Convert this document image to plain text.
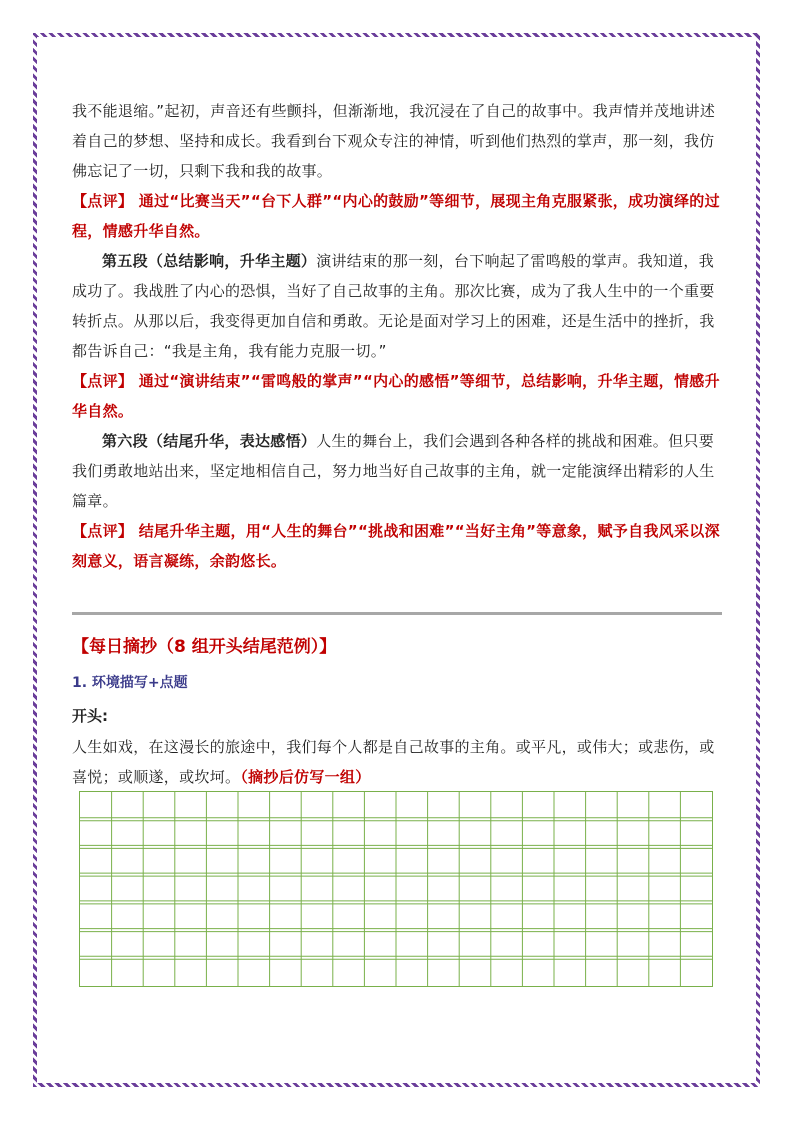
我不能退缩。”起初，声音还有些颤抖，但渐渐地，我沉浸在了自己的故事中。我声情并茂地讲述着自己的梦想、坚持和成长。我看到台下观众专注的神情，听到他们热烈的掌声，那一刻，我仿佛忘记了一切，只剩下我和我的故事。

【点评】 通过“比赛当天”“台下人群”“内心的鼓励”等细节，展现主角克服紧张，成功演绎的过程，情感升华自然。

第五段（总结影响，升华主题）演讲结束的那一刻，台下响起了雷鸣般的掌声。我知道，我成功了。我战胜了内心的恐惧，当好了自己故事的主角。那次比赛，成为了我人生中的一个重要转折点。从那以后，我变得更加自信和勇敢。无论是面对学习上的困难，还是生活中的挫折，我都告诉自己：“我是主角，我有能力克服一切。”

【点评】 通过“演讲结束”“雷鸣般的掌声”“内心的感悟”等细节，总结影响，升华主题，情感升华自然。

第六段（结尾升华，表达感悟）人生的舞台上，我们会遇到各种各样的挑战和困难。但只要我们勇敢地站出来，坚定地相信自己，努力地当好自己故事的主角，就一定能演绎出精彩的人生篇章。

【点评】 结尾升华主题，用“人生的舞台”“挑战和困难”“当好主角”等意象，赋予自我风采以深刻意义，语言凝练，余韵悠长。

【每日摘抄（8 组开头结尾范例）】
1. 环境描写+点题
开头:

人生如戏，在这漫长的旅途中，我们每个人都是自己故事的主角。或平凡，或伟大；或悲伤，或喜悦；或顺遂，或坎坷。（摘抄后仿写一组）
